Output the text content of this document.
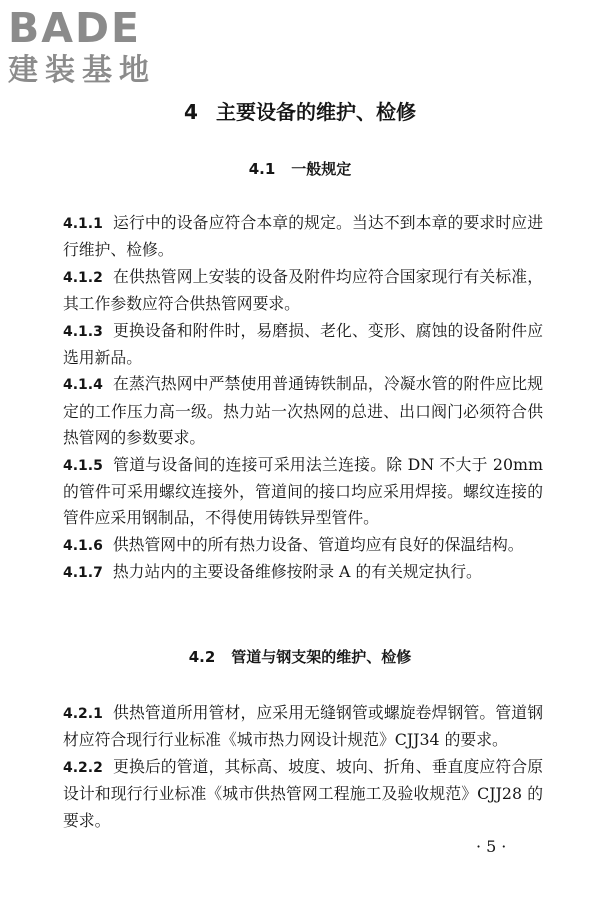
BADE
建装基地
4 主要设备的维护、检修
4.1 一般规定

4.1.1 运行中的设备应符合本章的规定。当达不到本章的要求时应进行维护、检修。

4.1.2 在供热管网上安装的设备及附件均应符合国家现行有关标准，其工作参数应符合供热管网要求。

4.1.3 更换设备和附件时，易磨损、老化、变形、腐蚀的设备附件应选用新品。

4.1.4 在蒸汽热网中严禁使用普通铸铁制品，冷凝水管的附件应比规定的工作压力高一级。热力站一次热网的总进、出口阀门必须符合供热管网的参数要求。

4.1.5 管道与设备间的连接可采用法兰连接。除 DN 不大于 20mm 的管件可采用螺纹连接外，管道间的接口均应采用焊接。螺纹连接的管件应采用钢制品，不得使用铸铁异型管件。

4.1.6 供热管网中的所有热力设备、管道均应有良好的保温结构。

4.1.7 热力站内的主要设备维修按附录 A 的有关规定执行。

4.2 管道与钢支架的维护、检修

4.2.1 供热管道所用管材，应采用无缝钢管或螺旋卷焊钢管。管道钢材应符合现行行业标准《城市热力网设计规范》CJJ34 的要求。

4.2.2 更换后的管道，其标高、坡度、坡向、折角、垂直度应符合原设计和现行行业标准《城市供热管网工程施工及验收规范》CJJ28 的要求。

·5·
